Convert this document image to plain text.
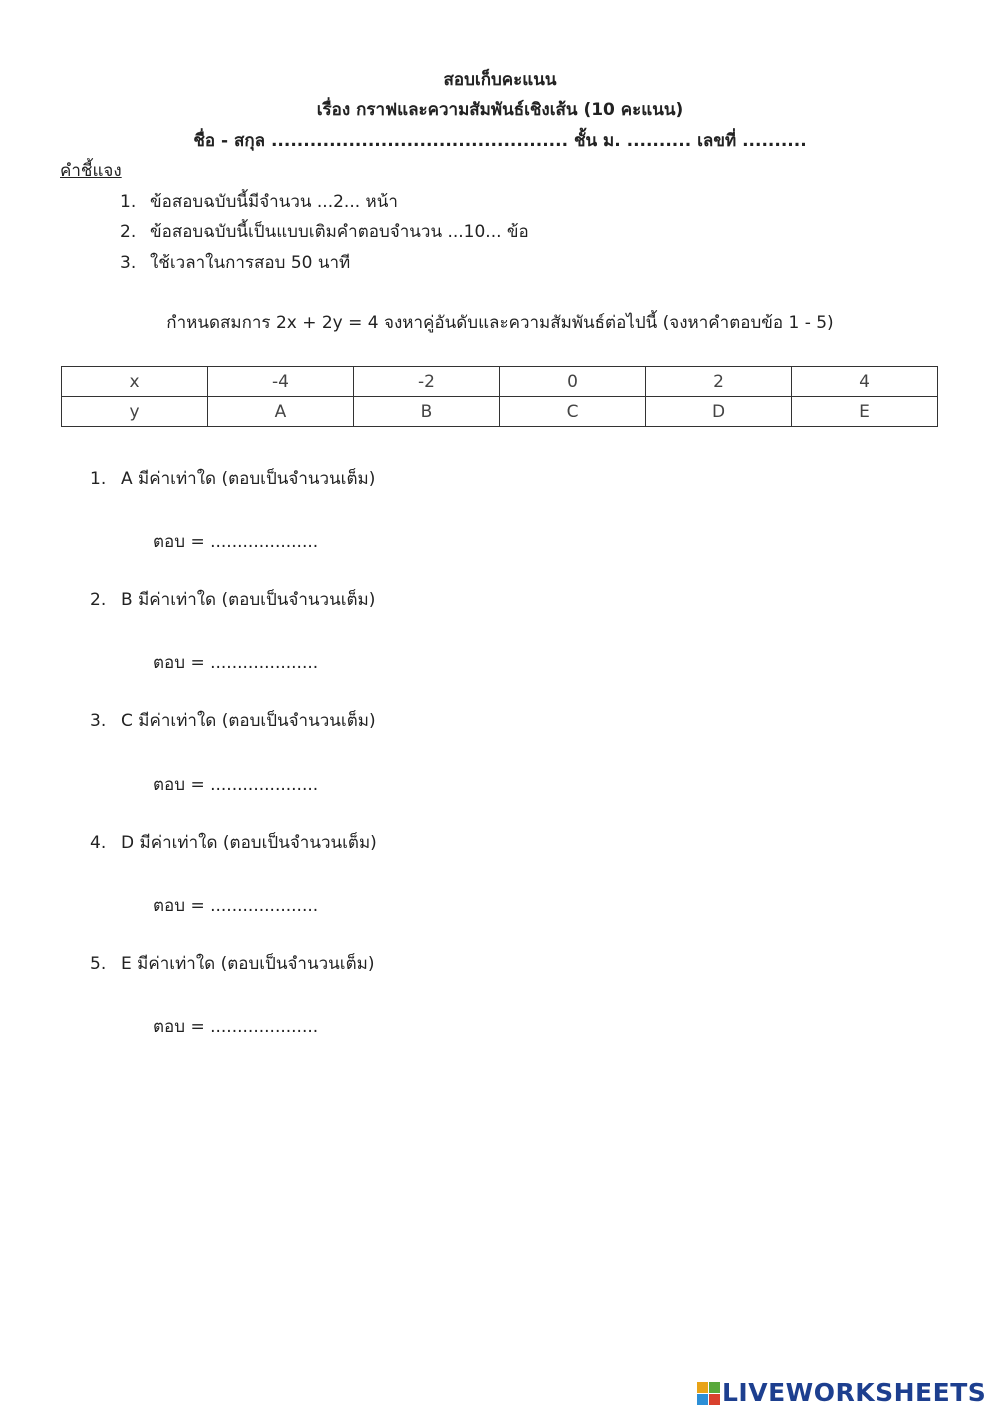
สอบเก็บคะแนน
เรื่อง กราฟและความสัมพันธ์เชิงเส้น (10 คะแนน)
ชื่อ - สกุล .............................................. ชั้น ม. .......... เลขที่ ..........
คำชี้แจง
1. ข้อสอบฉบับนี้มีจำนวน ...2... หน้า
2. ข้อสอบฉบับนี้เป็นแบบเติมคำตอบจำนวน ...10... ข้อ
3. ใช้เวลาในการสอบ 50 นาที
กำหนดสมการ 2x + 2y = 4 จงหาคู่อันดับและความสัมพันธ์ต่อไปนี้ (จงหาคำตอบข้อ 1 - 5)
x	-4	-2	0	2	4
y	A	B	C	D	E
1. A มีค่าเท่าใด (ตอบเป็นจำนวนเต็ม)
ตอบ = ....................
2. B มีค่าเท่าใด (ตอบเป็นจำนวนเต็ม)
ตอบ = ....................
3. C มีค่าเท่าใด (ตอบเป็นจำนวนเต็ม)
ตอบ = ....................
4. D มีค่าเท่าใด (ตอบเป็นจำนวนเต็ม)
ตอบ = ....................
5. E มีค่าเท่าใด (ตอบเป็นจำนวนเต็ม)
ตอบ = ....................
LIVEWORKSHEETS
